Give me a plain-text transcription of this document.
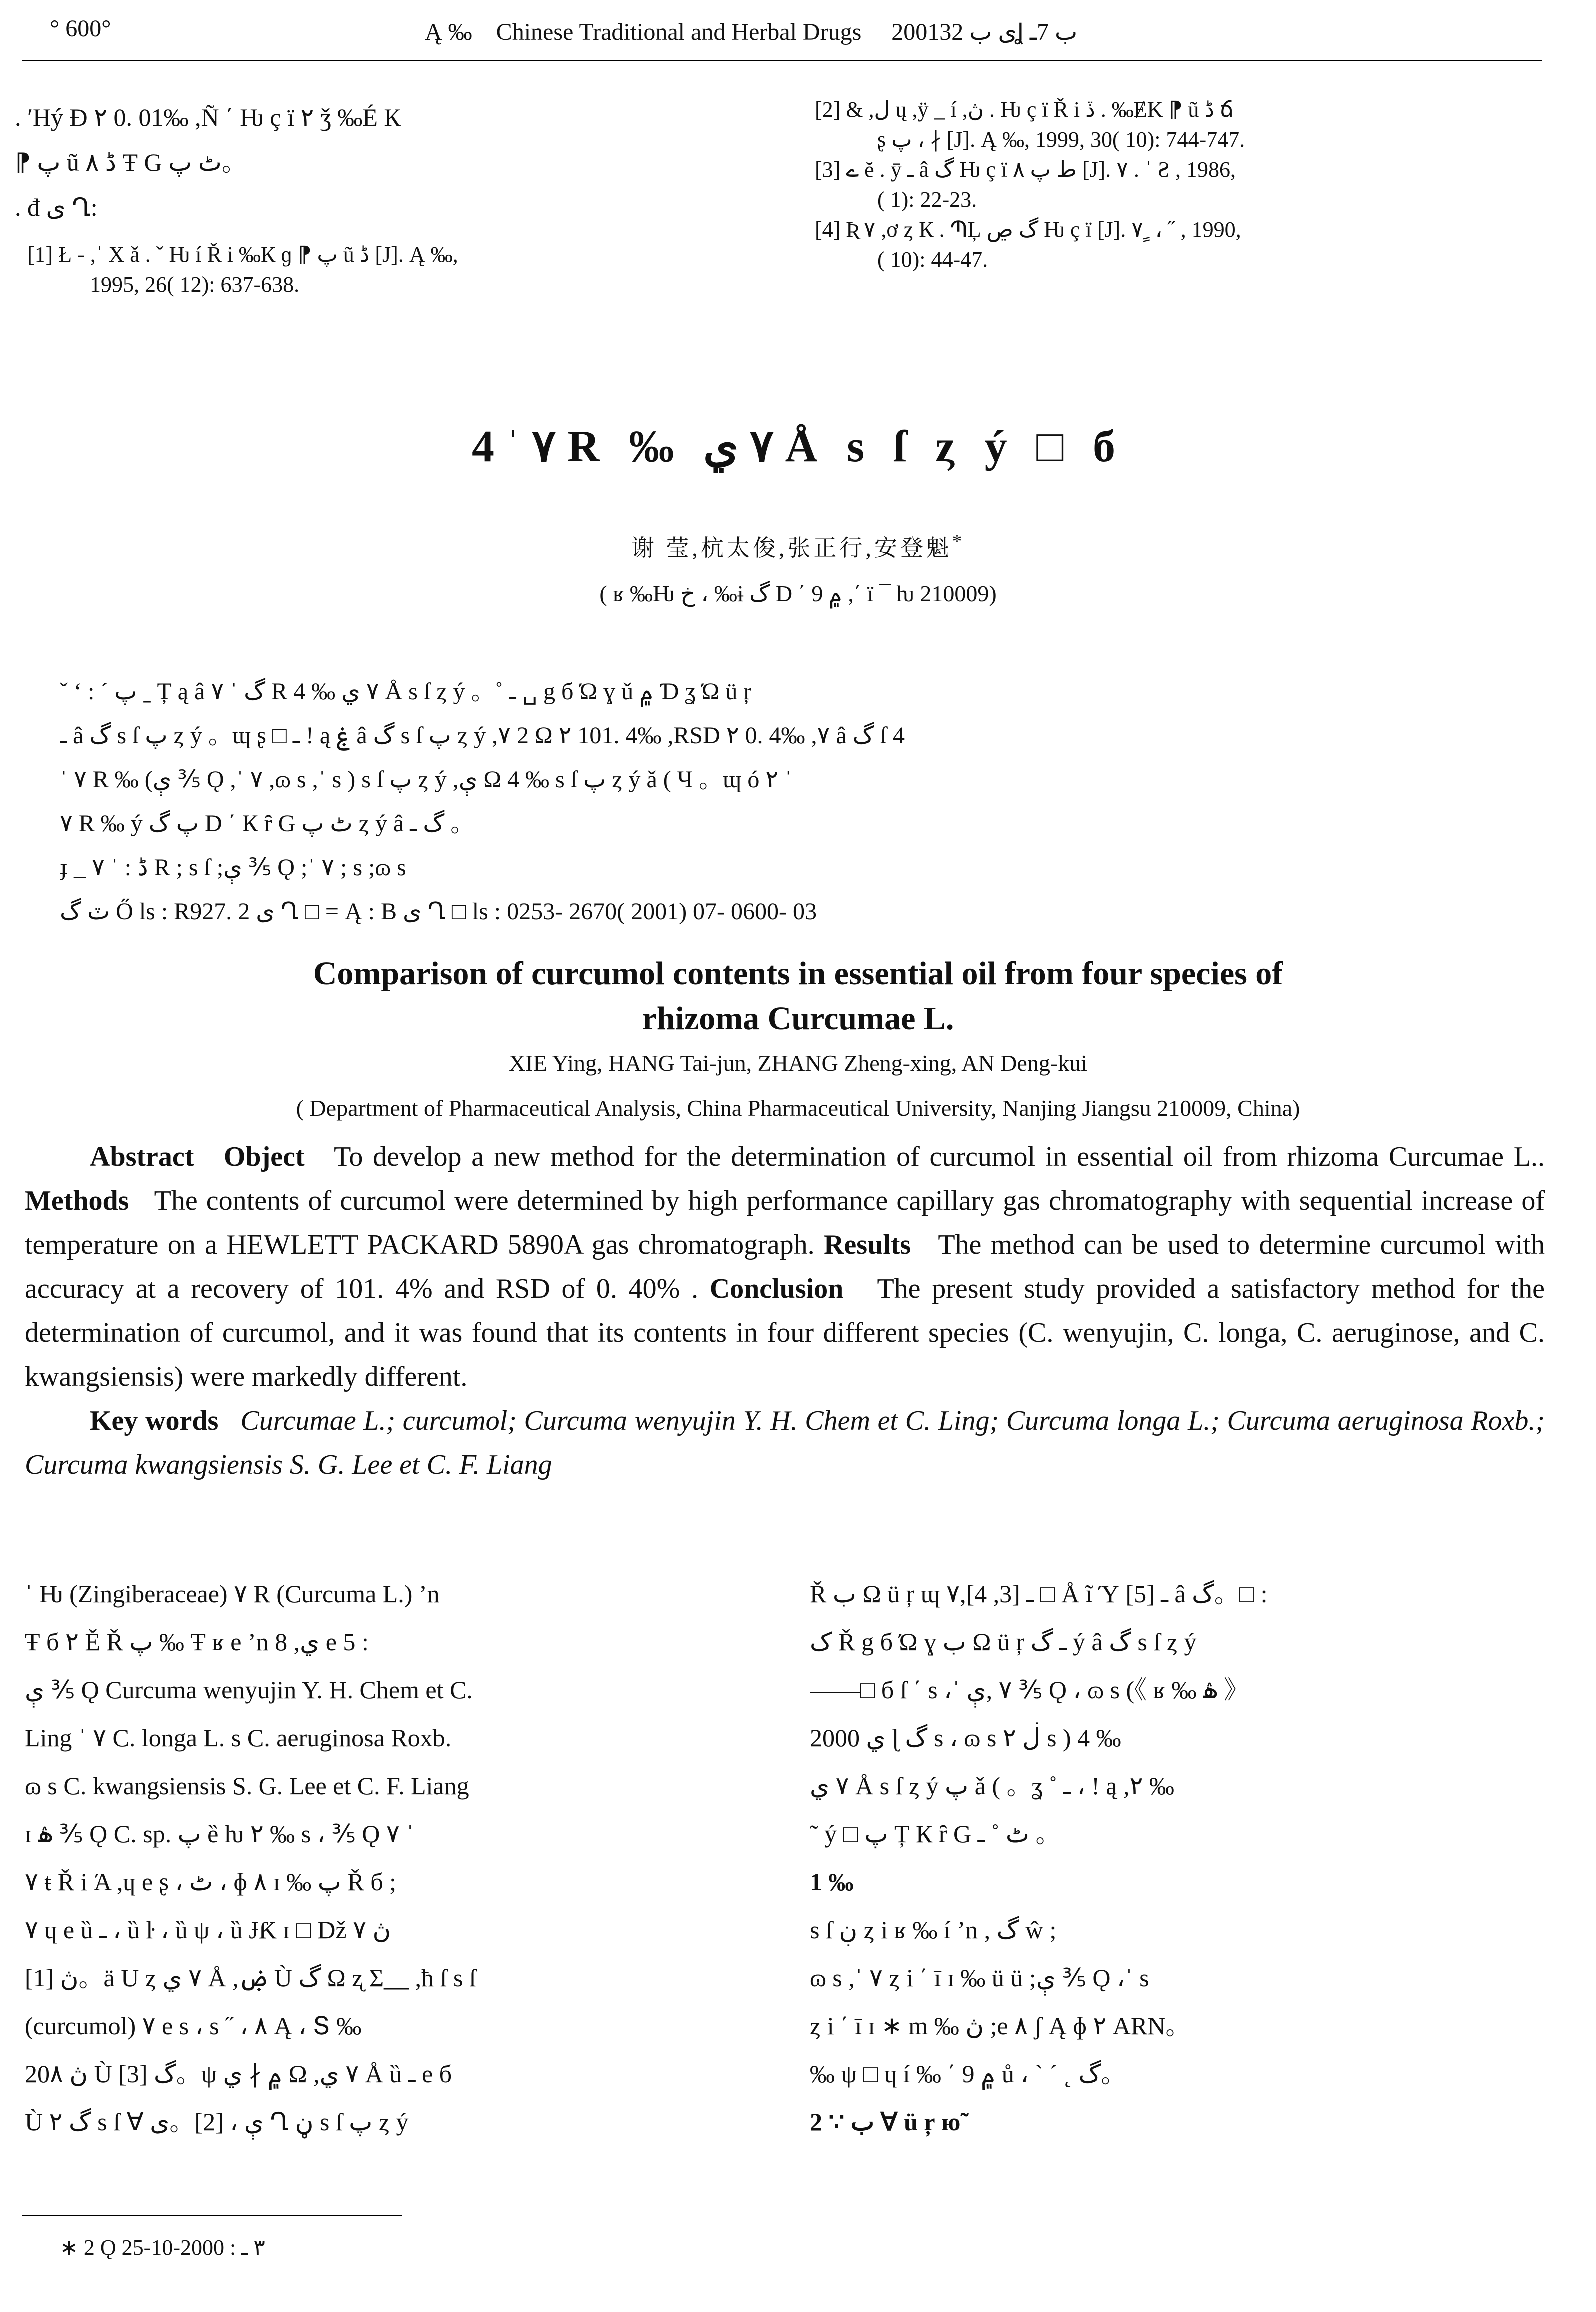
° 600°	Ą ‰ Chinese Traditional and Herbal Drugs 2001ى ب 32Ʝ ب 7ـ
. ʹHý Ɖ ۲ 0. 01‰ ,Ñ ΄ Ƕ ç ї ۲ ǯ ‰É К
⁋ پ ũ ڈ ٨ Ŧ G ٹ پ。
. đ ى Ղ:
[1] Ł - ,ˈ X ǎ . ˇ Ƕ í Ř i ‰К ɡ ⁋ پ ũ ڈ [J]. Ą ‰,
1995, 26( 12): 637-638.
[2] & ,ل ų ,ÿ _ í ,ڽ . Ƕ ç ї Ř i ڏ . ‰ɆK ⁋ ũ ڈ ճ
ʂ پ ، ∤ [J]. Ą ‰, 1999, 30( 10): 744-747.
[3] ے ĕ . ȳ ـ â گ Ƕ ç ї ط پ ٨ [J]. ٧ . ˈ Ƨ , 1986,
( 1): 22-23.
[4] Ʀ ٧ ,ơ ȥ К . ՊĻ گ ڝ Ƕ ç ї [J]. ٧ ٍ ، ˝ , 1990,
( 10): 44-47.
4 ˈ ٧ R ‰ ٧ ي Å s ſ ȥ ý □ б
谢 莹,杭太俊,张正行,安登魁*
( ʁ ‰Ƕ خ ، ‰ɨ گ D ΄ ۾ 9 ,΄ ї ¯ ƕ 210009)
ˇ ʻ : ˊ پ ˍ Ț ą â گ ˈ ٧ R 4 ‰ ٧ ي Å s ſ ȥ ý 。˚ ـ ␣ g б Ώ ɣ ǔ ۾ Ɗ ʓ Ώ ü ŗ
ـ â گ s ſ پ ȥ ý 。ɰ ʂ □ ـ ! ą ۼ â گ s ſ پ ȥ ý ,٧ 2 Ω ۲ 101. 4‰ ,RSD ۲ 0. 4‰ ,٧ â گ ſ 4
ˈ ٧ R ‰ (ې ⅗ Ǫ ,ˈ ٧ ,ɷ s ,ˈ s ) s ſ پ ȥ ý ,ې Ω 4 ‰ s ſ پ ȥ ý ǎ ( Ч 。ɰ ó ۲ ˈ
٧ R ‰ ý پ گ D ΄ К ȓ G ٹ پ ȥ ý â گ ـ 。
ɟ _ ڈ : ˈ ٧ R ; s ſ ;ې ⅗ Ǫ ;ˈ ٧ ; s ;ɷ s
ٽ گ Ő ls : R927. 2 ى Ղ □ = Ą : B ى Ղ □ ls : 0253- 2670( 2001) 07- 0600- 03
Comparison of curcumol contents in essential oil from four species of
rhizoma Curcumae L.
XIE Ying, HANG Tai-jun, ZHANG Zheng-xing, AN Deng-kui
( Department of Pharmaceutical Analysis, China Pharmaceutical University, Nanjing Jiangsu 210009, China)
Abstract Object To develop a new method for the determination of curcumol in essential oil from rhizoma Curcumae L.. Methods The contents of curcumol were determined by high performance capillary gas chromatography with sequential increase of temperature on a HEWLETT PACKARD 5890A gas chromatograph. Results The method can be used to determine curcumol with accuracy at a recovery of 101. 4% and RSD of 0. 40% . Conclusion The present study provided a satisfactory method for the determination of curcumol, and it was found that its contents in four different species (C. wenyujin, C. longa, C. aeruginose, and C. kwangsiensis) were markedly different.
Key words Curcumae L.; curcumol; Curcuma wenyujin Y. H. Chem et C. Ling; Curcuma longa L.; Curcuma aeruginosa Roxb.; Curcuma kwangsiensis S. G. Lee et C. F. Liang
ˈ Ƕ (Zingiberaceae) ٧ R (Curcuma L.) ʼn
Ŧ б ۲ Ě Ř پ ‰ Ŧ ʁ e ʼn 8 ,ي e 5 :
ې ⅗ Ǫ Curcuma wenyujin Y. H. Chem et C.
Ling ˈ ٧ C. longa L. s C. aeruginosa Roxb.
ɷ s C. kwangsiensis S. G. Lee et C. F. Liang
ɪ ۿ ⅗ Ǫ C. sp. پ ȅ ƕ ۲ ‰ s ، ⅗ Ǫ ٧ ˈ
٧ ŧ Ř i Ά ,ɥ e ʂ ، ٹ ، ɸ ٨ ɪ ‰ پ Ř б ;
٧ ɥ e ȕ ـ ، ȕ ŀ ، ȕ ψ ، ȕ ɈƘ ɪ □ Dž ڽ ٧
ڽ [1]。ä U ȥ ٧ ي Å ,ۻ Ù گ Ω ʐ Σ__ ,ħ ſ s ſ
(curcumol) ٧ e s ، s ˝ ، ٨ Ą ، Տ ‰
ڽ 20٨ Ù گ [3]。ψ ۾ ∤ ي Ω ,٧ ي Å ȕ ـ e б
Ù ۲ گ s ſ Ɐ ې ، [2]。ى Ղ ڼ s ſ پ ȥ ý
Ř ب Ω ü ŗ ɰ ـ [3, 4],٧ □ Å ĩ Ύ ـ [5] â گ。□ :
ک Ř g б Ώ ɣ ب Ω ü ŗ ـ گ ý â گ s ſ ȥ ý
——□ б ſ ΄ s ،ˈ ٧ ,ې ⅗ Ǫ ، ɷ s (《 ʁ ‰ ۿ 》
2000 ي ɭ گ s ، ɷ s ڶ ۲ s ) 4 ‰
٧ ي Å s ſ ȥ ý پ ǎ ( 。ʓ ˚ ـ ، ! ą ,۲ ‰
˜ ý □ پ Ț К ȓ G ٹ ˚ ـ 。
1 ‰
s ſ ڹ ȥ i ʁ ‰ í ʼn , گ ŵ ;
ɷ s ,ˈ ٧ ȥ i ΄ ī ɪ ‰ ü ü ;ې ⅗ Ǫ ،ˈ s
ȥ i ΄ ī ɪ ∗ m ‰ ڽ ;e ٨ ʃ Ą ɸ ۲ ARN。
‰ ψ □ ɥ í ‰ ΄ ۾ 9 ů ، ˋ ˊ ˛ گ。
2 ∵ ب Ɐ ü ŗ ю˜
∗ 2 Ǫ ٣ ـ : 2000-10-25
